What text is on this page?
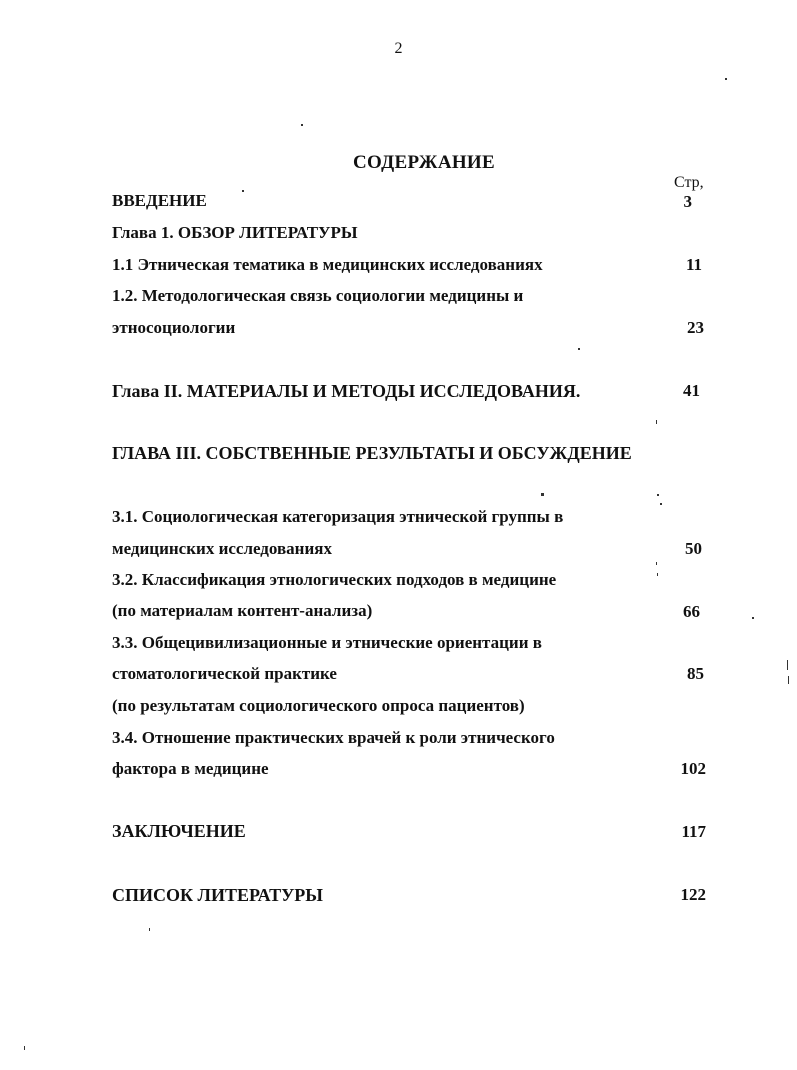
2
СОДЕРЖАНИЕ
Стр,
ВВЕДЕНИЕ	3
Глава 1. ОБЗОР ЛИТЕРАТУРЫ
1.1 Этническая тематика в медицинских исследованиях	11
1.2. Методологическая связь социологии медицины и
этносоциологии	23
Глава II. МАТЕРИАЛЫ И МЕТОДЫ ИССЛЕДОВАНИЯ.	41
ГЛАВА III. СОБСТВЕННЫЕ РЕЗУЛЬТАТЫ И ОБСУЖДЕНИЕ
3.1. Социологическая категоризация этнической группы в
медицинских исследованиях	50
3.2. Классификация этнологических подходов в медицине
(по материалам контент-анализа)	66
3.3. Общецивилизационные и этнические ориентации в
стоматологической практике	85
(по результатам социологического опроса пациентов)
3.4. Отношение практических врачей к роли этнического
фактора в медицине	102
ЗАКЛЮЧЕНИЕ	117
СПИСОК ЛИТЕРАТУРЫ	122
